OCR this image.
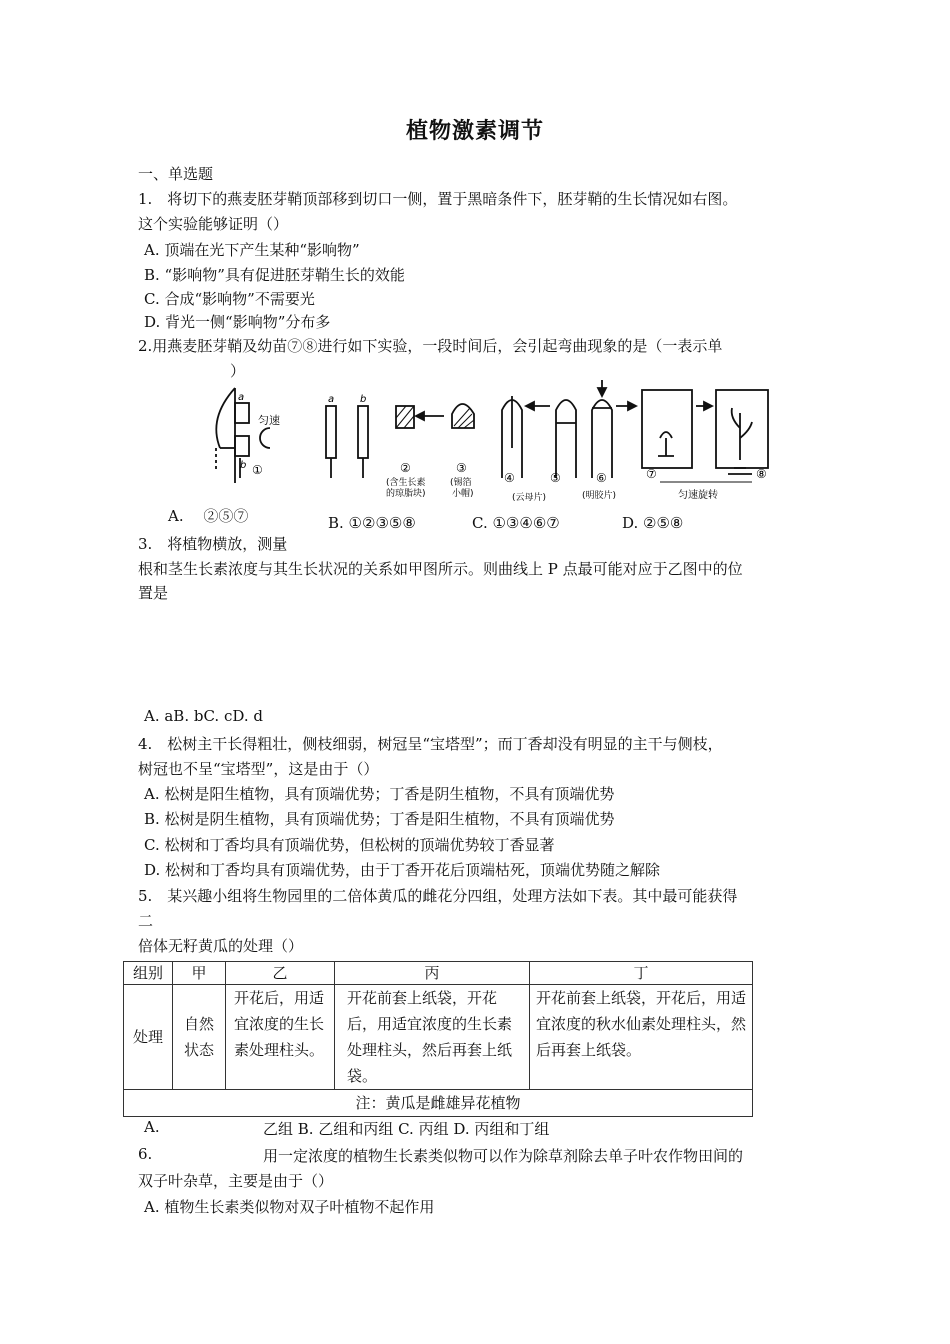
植物激素调节
一、单选题
1.　将切下的燕麦胚芽鞘顶部移到切口一侧，置于黑暗条件下，胚芽鞘的生长情况如右图。
这个实验能够证明（）
A. 顶端在光下产生某种“影响物”
B. “影响物”具有促进胚芽鞘生长的效能
C. 合成“影响物”不需要光
D. 背光一侧“影响物”分布多
2.用燕麦胚芽鞘及幼苗⑦⑧进行如下实验，一段时间后，会引起弯曲现象的是（一表示单
）
匀速
a
b ①
a	b
②
(含生长素
的琼脂块)
③
(锡箔
小帽)
④	⑤
(云母片)
⑥
(明胶片)
⑦	⑧
匀速旋转
A.　 ②⑤⑦	B. ①②③⑤⑧	C. ①③④⑥⑦	D. ②⑤⑧
3.　将植物横放，测量
根和茎生长素浓度与其生长状况的关系如甲图所示。则曲线上 P 点最可能对应于乙图中的位
置是
A. aB. bC. cD. d
4.　松树主干长得粗壮，侧枝细弱，树冠呈“宝塔型”；而丁香却没有明显的主干与侧枝，
树冠也不呈“宝塔型”，这是由于（）
A. 松树是阳生植物，具有顶端优势；丁香是阴生植物，不具有顶端优势
B. 松树是阴生植物，具有顶端优势；丁香是阳生植物，不具有顶端优势
C. 松树和丁香均具有顶端优势，但松树的顶端优势较丁香显著
D. 松树和丁香均具有顶端优势，由于丁香开花后顶端枯死，顶端优势随之解除
5.　某兴趣小组将生物园里的二倍体黄瓜的雌花分四组，处理方法如下表。其中最可能获得
二
倍体无籽黄瓜的处理（）
组别	甲	乙	丙	丁
处理	自然状态	开花后，用适宜浓度的生长素处理柱头。	开花前套上纸袋，开花后，用适宜浓度的生长素处理柱头，然后再套上纸袋。	开花前套上纸袋，开花后，用适宜浓度的秋水仙素处理柱头，然后再套上纸袋。
注：黄瓜是雌雄异花植物				
A.	乙组 B. 乙组和丙组 C. 丙组 D. 丙组和丁组
6.	用一定浓度的植物生长素类似物可以作为除草剂除去单子叶农作物田间的
双子叶杂草，主要是由于（）
A. 植物生长素类似物对双子叶植物不起作用
